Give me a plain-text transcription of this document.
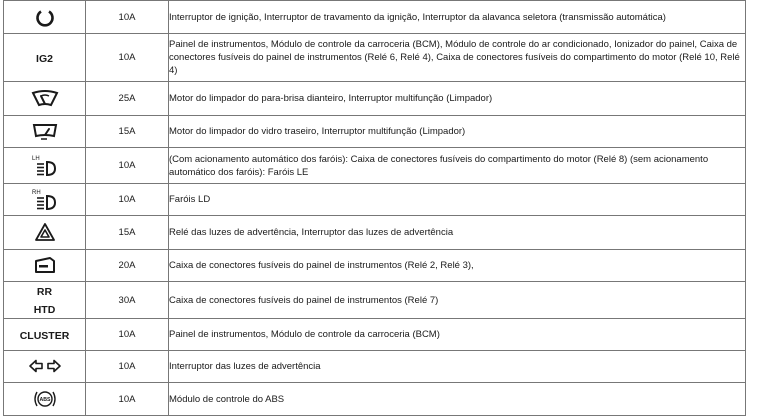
	10A	Interruptor de ignição, Interruptor de travamento da ignição, Interruptor da alavanca seletora (transmissão automática)
IG2	10A	Painel de instrumentos, Módulo de controle da carroceria (BCM), Módulo de controle do ar condicionado, Ionizador do painel, Caixa de conectores fusíveis do painel de instrumentos (Relé 6, Relé 4), Caixa de conectores fusíveis do compartimento do motor (Relé 10, Relé 4)
	25A	Motor do limpador do para-brisa dianteiro, Interruptor multifunção (Limpador)
	15A	Motor do limpador do vidro traseiro, Interruptor multifunção (Limpador)

LH	10A	(Com acionamento automático dos faróis): Caixa de conectores fusíveis do compartimento do motor (Relé 8) (sem acionamento automático dos faróis): Faróis LE

RH	10A	Faróis LD
	15A	Relé das luzes de advertência, Interruptor das luzes de advertência
	20A	Caixa de conectores fusíveis do painel de instrumentos (Relé 2, Relé 3),
RR
HTD	30A	Caixa de conectores fusíveis do painel de instrumentos (Relé 7)
CLUSTER	10A	Painel de instrumentos, Módulo de controle da carroceria (BCM)
	10A	Interruptor das luzes de advertência

ABS	10A	Módulo de controle do ABS
